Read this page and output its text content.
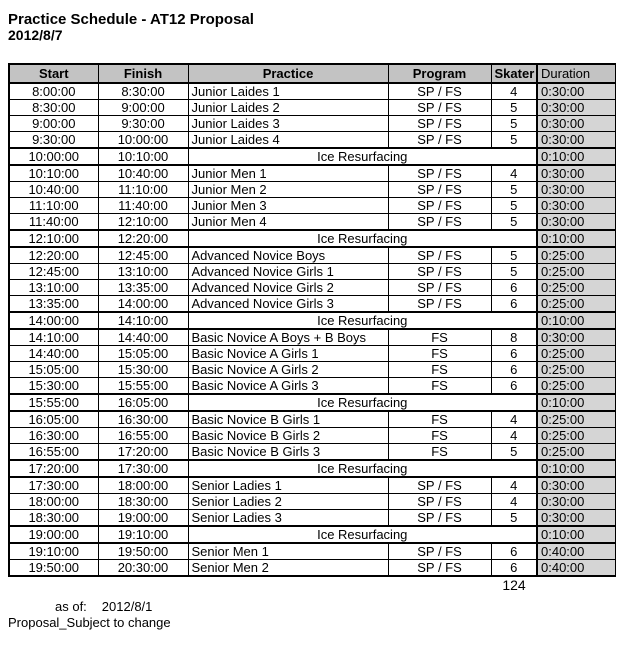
Practice Schedule - AT12 Proposal
2012/8/7
Start	Finish	Practice	Program	Skater	Duration
8:00:00	8:30:00	Junior Laides 1	SP / FS	4	0:30:00
8:30:00	9:00:00	Junior Laides 2	SP / FS	5	0:30:00
9:00:00	9:30:00	Junior Laides 3	SP / FS	5	0:30:00
9:30:00	10:00:00	Junior Laides 4	SP / FS	5	0:30:00
10:00:00	10:10:00	Ice Resurfacing			0:10:00
10:10:00	10:40:00	Junior Men 1	SP / FS	4	0:30:00
10:40:00	11:10:00	Junior Men 2	SP / FS	5	0:30:00
11:10:00	11:40:00	Junior Men 3	SP / FS	5	0:30:00
11:40:00	12:10:00	Junior Men 4	SP / FS	5	0:30:00
12:10:00	12:20:00	Ice Resurfacing			0:10:00
12:20:00	12:45:00	Advanced Novice Boys	SP / FS	5	0:25:00
12:45:00	13:10:00	Advanced Novice Girls 1	SP / FS	5	0:25:00
13:10:00	13:35:00	Advanced Novice Girls 2	SP / FS	6	0:25:00
13:35:00	14:00:00	Advanced Novice Girls 3	SP / FS	6	0:25:00
14:00:00	14:10:00	Ice Resurfacing			0:10:00
14:10:00	14:40:00	Basic Novice A Boys + B Boys	FS	8	0:30:00
14:40:00	15:05:00	Basic Novice A Girls 1	FS	6	0:25:00
15:05:00	15:30:00	Basic Novice A Girls 2	FS	6	0:25:00
15:30:00	15:55:00	Basic Novice A Girls 3	FS	6	0:25:00
15:55:00	16:05:00	Ice Resurfacing			0:10:00
16:05:00	16:30:00	Basic Novice B Girls 1	FS	4	0:25:00
16:30:00	16:55:00	Basic Novice B Girls 2	FS	4	0:25:00
16:55:00	17:20:00	Basic Novice B Girls 3	FS	5	0:25:00
17:20:00	17:30:00	Ice Resurfacing			0:10:00
17:30:00	18:00:00	Senior Ladies 1	SP / FS	4	0:30:00
18:00:00	18:30:00	Senior Ladies 2	SP / FS	4	0:30:00
18:30:00	19:00:00	Senior Ladies 3	SP / FS	5	0:30:00
19:00:00	19:10:00	Ice Resurfacing			0:10:00
19:10:00	19:50:00	Senior Men 1	SP / FS	6	0:40:00
19:50:00	20:30:00	Senior Men 2	SP / FS	6	0:40:00
				124	
as of: 2012/8/1
Proposal_Subject to change
